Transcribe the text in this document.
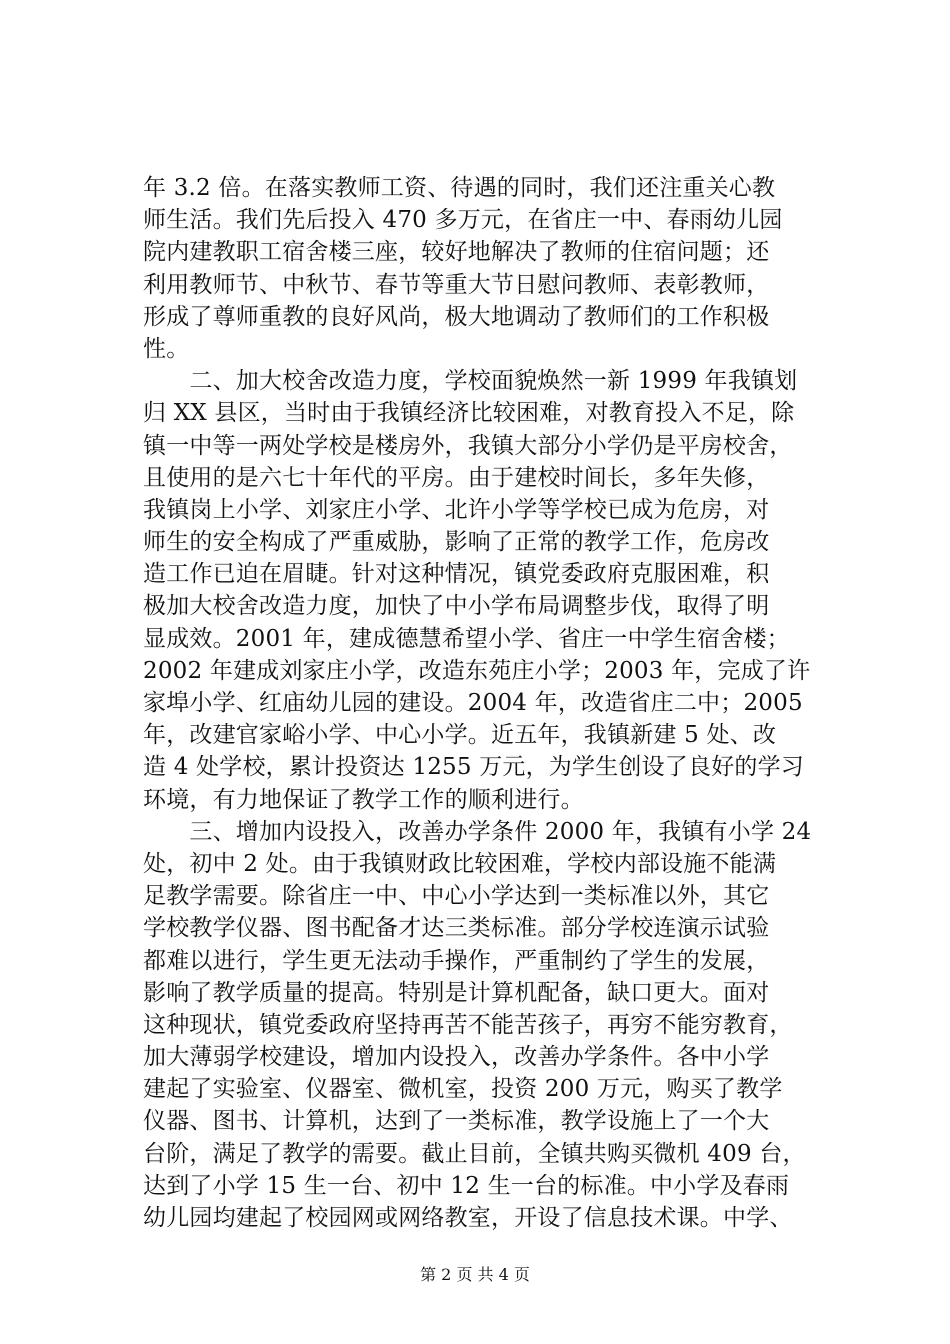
年 3.2 倍。在落实教师工资、待遇的同时，我们还注重关心教
师生活。我们先后投入 470 多万元，在省庄一中、春雨幼儿园
院内建教职工宿舍楼三座，较好地解决了教师的住宿问题；还
利用教师节、中秋节、春节等重大节日慰问教师、表彰教师，
形成了尊师重教的良好风尚，极大地调动了教师们的工作积极
性。
　　二、加大校舍改造力度，学校面貌焕然一新 1999 年我镇划
归 XX 县区，当时由于我镇经济比较困难，对教育投入不足，除
镇一中等一两处学校是楼房外，我镇大部分小学仍是平房校舍，
且使用的是六七十年代的平房。由于建校时间长，多年失修，
我镇岗上小学、刘家庄小学、北许小学等学校已成为危房，对
师生的安全构成了严重威胁，影响了正常的教学工作，危房改
造工作已迫在眉睫。针对这种情况，镇党委政府克服困难，积
极加大校舍改造力度，加快了中小学布局调整步伐，取得了明
显成效。2001 年，建成德慧希望小学、省庄一中学生宿舍楼；
2002 年建成刘家庄小学，改造东苑庄小学；2003 年，完成了许
家埠小学、红庙幼儿园的建设。2004 年，改造省庄二中；2005
年，改建官家峪小学、中心小学。近五年，我镇新建 5 处、改
造 4 处学校，累计投资达 1255 万元，为学生创设了良好的学习
环境，有力地保证了教学工作的顺利进行。
　　三、增加内设投入，改善办学条件 2000 年，我镇有小学 24
处，初中 2 处。由于我镇财政比较困难，学校内部设施不能满
足教学需要。除省庄一中、中心小学达到一类标准以外，其它
学校教学仪器、图书配备才达三类标准。部分学校连演示试验
都难以进行，学生更无法动手操作，严重制约了学生的发展，
影响了教学质量的提高。特别是计算机配备，缺口更大。面对
这种现状，镇党委政府坚持再苦不能苦孩子，再穷不能穷教育，
加大薄弱学校建设，增加内设投入，改善办学条件。各中小学
建起了实验室、仪器室、微机室，投资 200 万元，购买了教学
仪器、图书、计算机，达到了一类标准，教学设施上了一个大
台阶，满足了教学的需要。截止目前，全镇共购买微机 409 台，
达到了小学 15 生一台、初中 12 生一台的标准。中小学及春雨
幼儿园均建起了校园网或网络教室，开设了信息技术课。中学、
第 2 页 共 4 页
